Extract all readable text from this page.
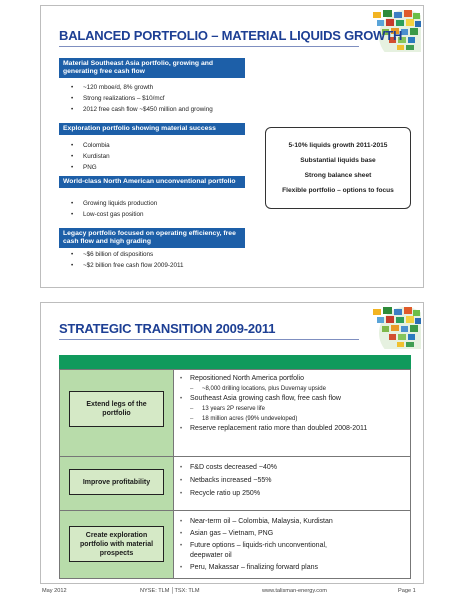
BALANCED PORTFOLIO – MATERIAL LIQUIDS GROWTH
Material Southeast Asia portfolio, growing and generating free cash flow
• ~120 mboe/d, 8% growth
• Strong realizations – $10/mcf
• 2012 free cash flow ~$450 million and growing
Exploration portfolio showing material success
• Colombia
• Kurdistan
• PNG
World-class North American unconventional portfolio
• Growing liquids production
• Low-cost gas position
Legacy portfolio focused on operating efficiency, free cash flow and high grading
• ~$6 billion of dispositions
• ~$2 billion free cash flow 2009-2011
5-10% liquids growth 2011-2015
Substantial liquids base
Strong balance sheet
Flexible portfolio – options to focus
STRATEGIC TRANSITION 2009-2011
Extend legs of the portfolio
• Repositioned North America portfolio
– ~8,000 drilling locations, plus Duvernay upside
• Southeast Asia growing cash flow, free cash flow
– 13 years 2P reserve life
– 18 million acres (99% undeveloped)
• Reserve replacement ratio more than doubled 2008-2011
Improve profitability
• F&D costs decreased ~40%
• Netbacks increased ~55%
• Recycle ratio up 250%
Create exploration portfolio with material prospects
• Near-term oil – Colombia, Malaysia, Kurdistan
• Asian gas – Vietnam, PNG
• Future options – liquids-rich unconventional,
deepwater oil
• Peru, Makassar – finalizing forward plans
May 2012	NYSE: TLM │TSX: TLM	www.talisman-energy.com	Page 1
